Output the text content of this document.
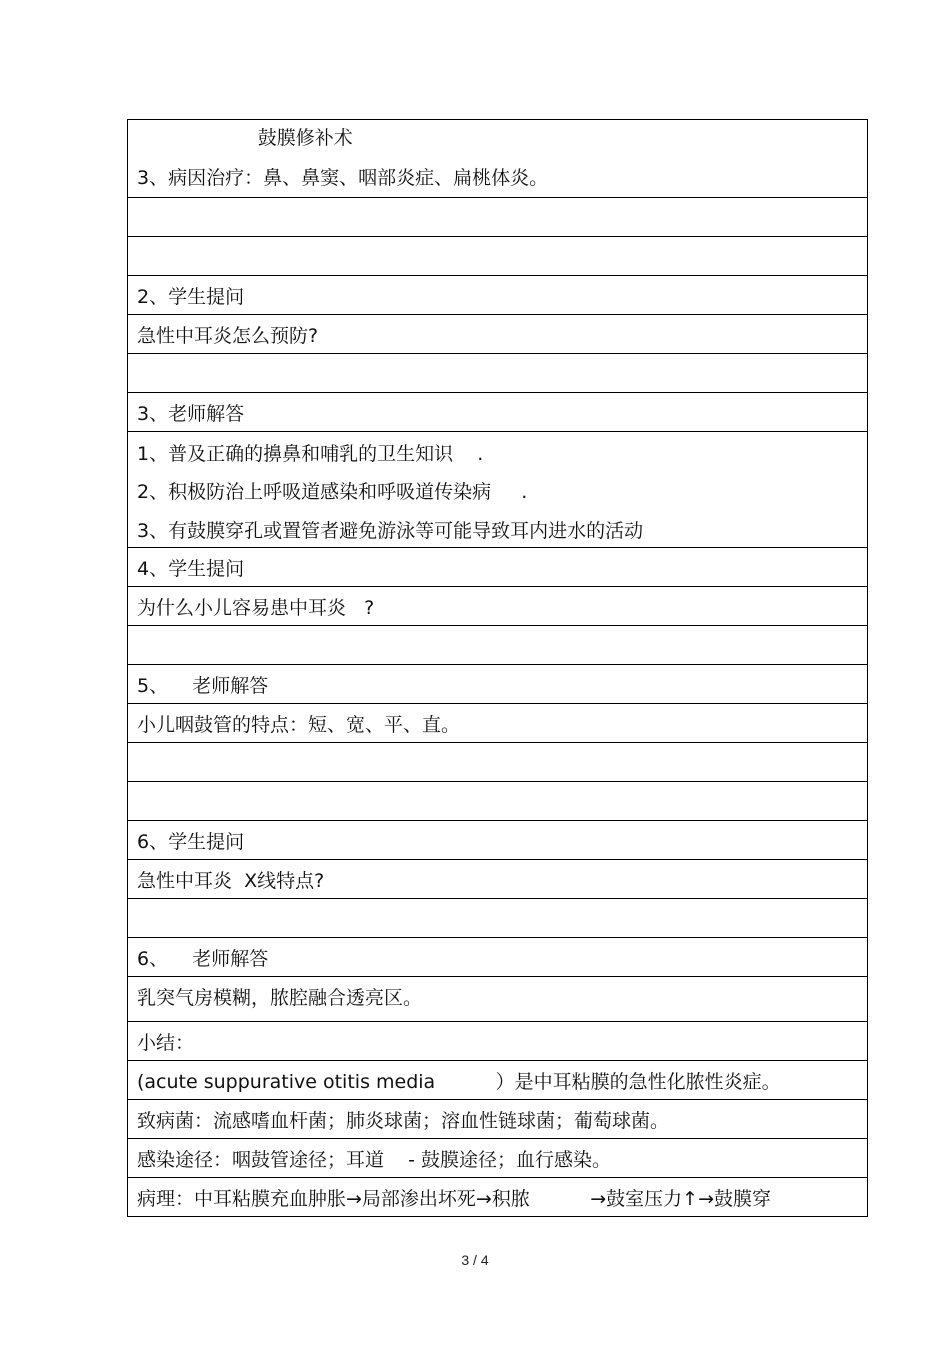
鼓膜修补术
3、病因治疗：鼻、鼻窦、咽部炎症、扁桃体炎。
2、学生提问
急性中耳炎怎么预防?
3、老师解答
1、普及正确的擤鼻和哺乳的卫生知识    .
2、积极防治上呼吸道感染和呼吸道传染病     .
3、有鼓膜穿孔或置管者避免游泳等可能导致耳内进水的活动
4、学生提问
为什么小儿容易患中耳炎   ?
5、    老师解答
小儿咽鼓管的特点：短、宽、平、直。
6、学生提问
急性中耳炎  X线特点?
6、    老师解答
乳突气房模糊，脓腔融合透亮区。
小结：
(acute suppurative otitis media          ）是中耳粘膜的急性化脓性炎症。
致病菌：流感嗜血杆菌；肺炎球菌；溶血性链球菌；葡萄球菌。
感染途径：咽鼓管途径；耳道    - 鼓膜途径；血行感染。
病理：中耳粘膜充血肿胀→局部渗出坏死→积脓          →鼓室压力↑→鼓膜穿
3 / 4
